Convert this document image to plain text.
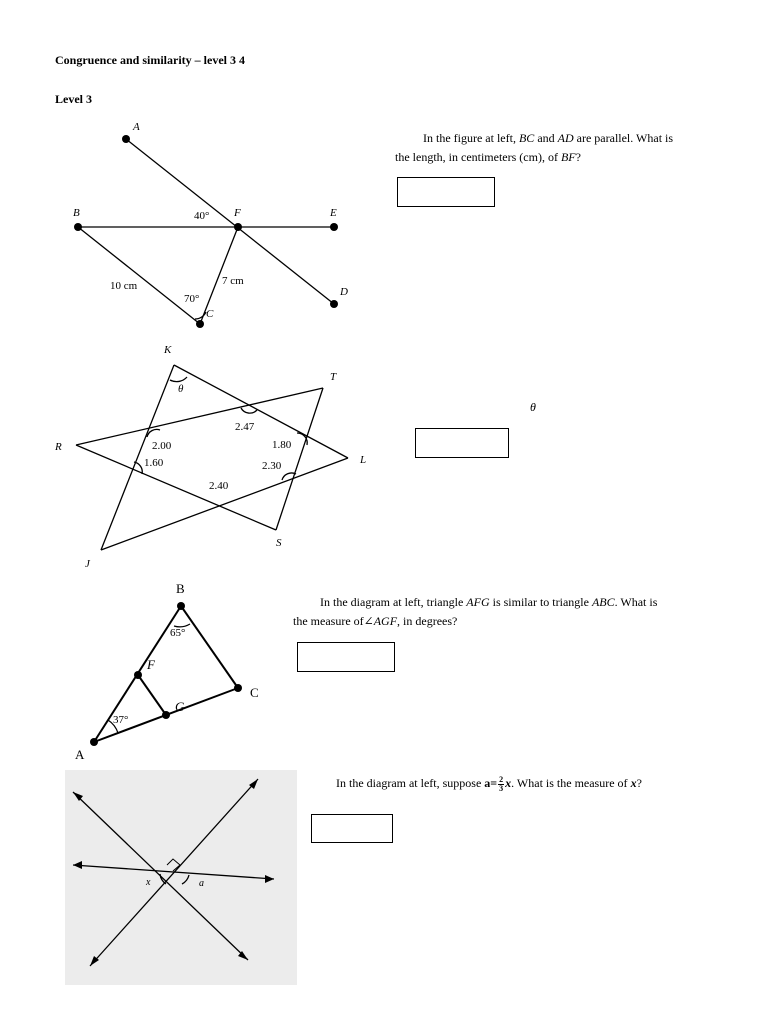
Congruence and similarity – level 3 4
Level 3
In the figure at left, BC and AD are parallel. What is
the length, in centimeters (cm), of BF?
θ
In the diagram at left, triangle AFG is similar to triangle ABC. What is
the measure of∠AGF, in degrees?
In the diagram at left, suppose $a= \frac{2}{3} x$. What is the measure of x?
A
B	F	E
C
D
40°
70°
10 cm	7 cm
K
T
R
L
J
S
θ
2.47
2.00
1.60
1.80
2.30
2.40
B
C
A
F
G
65°
37°
x	a
